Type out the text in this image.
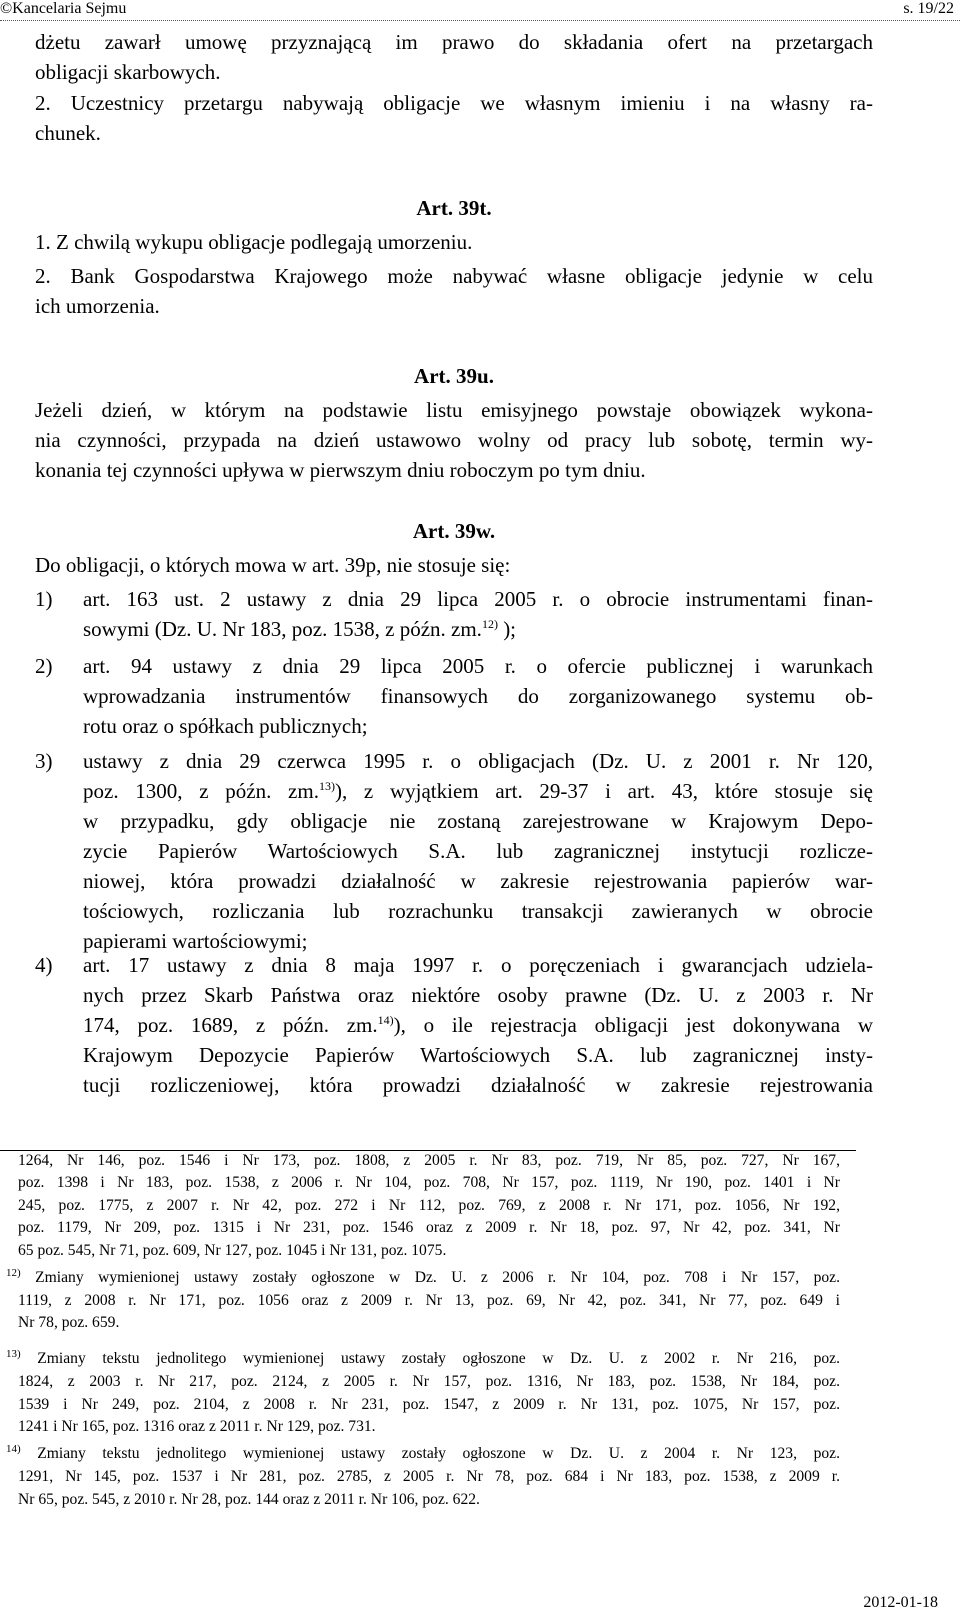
©Kancelaria Sejmu	s. 19/22
dżetu zawarł umowę przyznającą im prawo do składania ofert na przetargach
obligacji skarbowych.
2. Uczestnicy przetargu nabywają obligacje we własnym imieniu i na własny ra-
chunek.
Art. 39t.
1. Z chwilą wykupu obligacje podlegają umorzeniu.
2. Bank Gospodarstwa Krajowego może nabywać własne obligacje jedynie w celu
ich umorzenia.
Art. 39u.
Jeżeli dzień, w którym na podstawie listu emisyjnego powstaje obowiązek wykona-
nia czynności, przypada na dzień ustawowo wolny od pracy lub sobotę, termin wy-
konania tej czynności upływa w pierwszym dniu roboczym po tym dniu.
Art. 39w.
Do obligacji, o których mowa w art. 39p, nie stosuje się:
1) art. 163 ust. 2 ustawy z dnia 29 lipca 2005 r. o obrocie instrumentami finan-
sowymi (Dz. U. Nr 183, poz. 1538, z późn. zm.$^{12)}$ );
2) art. 94 ustawy z dnia 29 lipca 2005 r. o ofercie publicznej i warunkach
wprowadzania instrumentów finansowych do zorganizowanego systemu ob-
rotu oraz o spółkach publicznych;
3) ustawy z dnia 29 czerwca 1995 r. o obligacjach (Dz. U. z 2001 r. Nr 120,
poz. 1300, z późn. zm.$^{13)}$), z wyjątkiem art. 29-37 i art. 43, które stosuje się
w przypadku, gdy obligacje nie zostaną zarejestrowane w Krajowym Depo-
zycie Papierów Wartościowych S.A. lub zagranicznej instytucji rozlicze-
niowej, która prowadzi działalność w zakresie rejestrowania papierów war-
tościowych, rozliczania lub rozrachunku transakcji zawieranych w obrocie
papierami wartościowymi;
4) art. 17 ustawy z dnia 8 maja 1997 r. o poręczeniach i gwarancjach udziela-
nych przez Skarb Państwa oraz niektóre osoby prawne (Dz. U. z 2003 r. Nr
174, poz. 1689, z późn. zm.$^{14)}$), o ile rejestracja obligacji jest dokonywana w
Krajowym Depozycie Papierów Wartościowych S.A. lub zagranicznej insty-
tucji rozliczeniowej, która prowadzi działalność w zakresie rejestrowania
1264, Nr 146, poz. 1546 i Nr 173, poz. 1808, z 2005 r. Nr 83, poz. 719, Nr 85, poz. 727, Nr 167,
poz. 1398 i Nr 183, poz. 1538, z 2006 r. Nr 104, poz. 708, Nr 157, poz. 1119, Nr 190, poz. 1401 i Nr
245, poz. 1775, z 2007 r. Nr 42, poz. 272 i Nr 112, poz. 769, z 2008 r. Nr 171, poz. 1056, Nr 192,
poz. 1179, Nr 209, poz. 1315 i Nr 231, poz. 1546 oraz z 2009 r. Nr 18, poz. 97, Nr 42, poz. 341, Nr
65 poz. 545, Nr 71, poz. 609, Nr 127, poz. 1045 i Nr 131, poz. 1075.
$^{12)}$ Zmiany wymienionej ustawy zostały ogłoszone w Dz. U. z 2006 r. Nr 104, poz. 708 i Nr 157, poz.
1119, z 2008 r. Nr 171, poz. 1056 oraz z 2009 r. Nr 13, poz. 69, Nr 42, poz. 341, Nr 77, poz. 649 i
Nr 78, poz. 659.
$^{13)}$ Zmiany tekstu jednolitego wymienionej ustawy zostały ogłoszone w Dz. U. z 2002 r. Nr 216, poz.
1824, z 2003 r. Nr 217, poz. 2124, z 2005 r. Nr 157, poz. 1316, Nr 183, poz. 1538, Nr 184, poz.
1539 i Nr 249, poz. 2104, z 2008 r. Nr 231, poz. 1547, z 2009 r. Nr 131, poz. 1075, Nr 157, poz.
1241 i Nr 165, poz. 1316 oraz z 2011 r. Nr 129, poz. 731.
$^{14)}$ Zmiany tekstu jednolitego wymienionej ustawy zostały ogłoszone w Dz. U. z 2004 r. Nr 123, poz.
1291, Nr 145, poz. 1537 i Nr 281, poz. 2785, z 2005 r. Nr 78, poz. 684 i Nr 183, poz. 1538, z 2009 r.
Nr 65, poz. 545, z 2010 r. Nr 28, poz. 144 oraz z 2011 r. Nr 106, poz. 622.
2012-01-18
